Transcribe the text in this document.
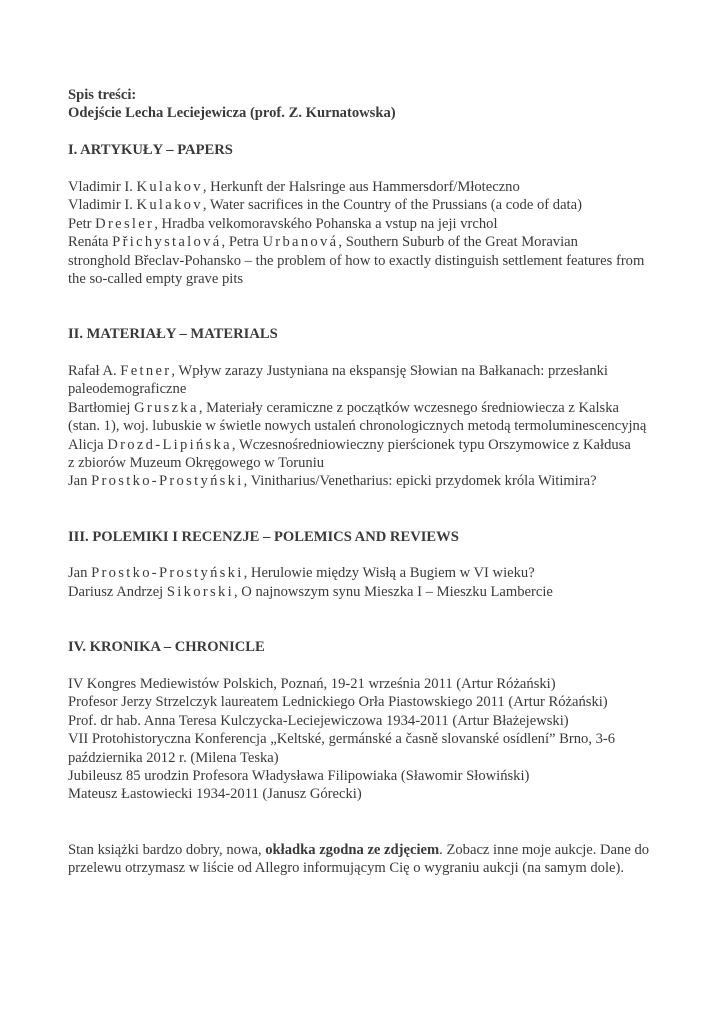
Spis treści:
Odejście Lecha Leciejewicza (prof. Z. Kurnatowska)
I. ARTYKUŁY – PAPERS
Vladimir I. Kulakov, Herkunft der Halsringe aus Hammersdorf/Młoteczno
Vladimir I. Kulakov, Water sacrifices in the Country of the Prussians (a code of data)
Petr Dresler, Hradba velkomoravského Pohanska a vstup na jeji vrchol
Renáta Přichystalová, Petra Urbanová, Southern Suburb of the Great Moravian
stronghold Břeclav-Pohansko – the problem of how to exactly distinguish settlement features from
the so-called empty grave pits
II. MATERIAŁY – MATERIALS
Rafał A. Fetner, Wpływ zarazy Justyniana na ekspansję Słowian na Bałkanach: przesłanki
paleodemograficzne
Bartłomiej Gruszka, Materiały ceramiczne z początków wczesnego średniowiecza z Kalska
(stan. 1), woj. lubuskie w świetle nowych ustaleń chronologicznych metodą termoluminescencyjną
Alicja Drozd-Lipińska, Wczesnośredniowieczny pierścionek typu Orszymowice z Kałdusa
z zbiorów Muzeum Okręgowego w Toruniu
Jan Prostko-Prostyński, Vinitharius/Venetharius: epicki przydomek króla Witimira?
III. POLEMIKI I RECENZJE – POLEMICS AND REVIEWS
Jan Prostko-Prostyński, Herulowie między Wisłą a Bugiem w VI wieku?
Dariusz Andrzej Sikorski, O najnowszym synu Mieszka I – Mieszku Lambercie
IV. KRONIKA – CHRONICLE
IV Kongres Mediewistów Polskich, Poznań, 19-21 września 2011 (Artur Różański)
Profesor Jerzy Strzelczyk laureatem Lednickiego Orła Piastowskiego 2011 (Artur Różański)
Prof. dr hab. Anna Teresa Kulczycka-Leciejewiczowa 1934-2011 (Artur Błażejewski)
VII Protohistoryczna Konferencja „Keltské, germánské a časně slovanské osídlení” Brno, 3-6
października 2012 r. (Milena Teska)
Jubileusz 85 urodzin Profesora Władysława Filipowiaka (Sławomir Słowiński)
Mateusz Łastowiecki 1934-2011 (Janusz Górecki)
Stan książki bardzo dobry, nowa, okładka zgodna ze zdjęciem. Zobacz inne moje aukcje. Dane do przelewu otrzymasz w liście od Allegro informującym Cię o wygraniu aukcji (na samym dole).
